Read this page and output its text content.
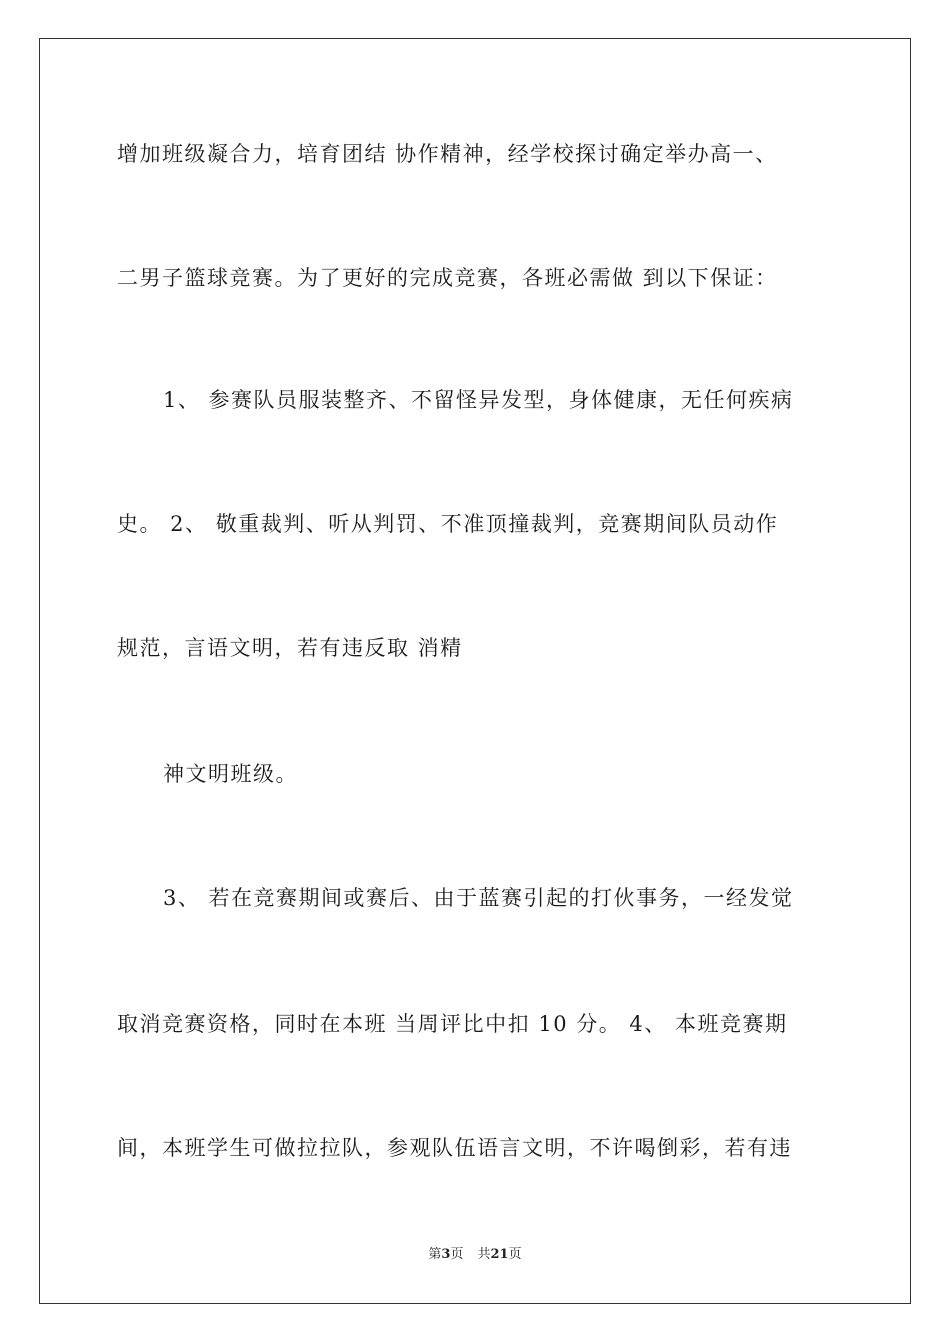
增加班级凝合力，培育团结 协作精神，经学校探讨确定举办高一、
二男子篮球竞赛。为了更好的完成竞赛，各班必需做 到以下保证：
1、 参赛队员服装整齐、不留怪异发型，身体健康，无任何疾病
史。 2、 敬重裁判、听从判罚、不准顶撞裁判，竞赛期间队员动作
规范，言语文明，若有违反取 消精
神文明班级。
3、 若在竞赛期间或赛后、由于蓝赛引起的打伙事务，一经发觉
取消竞赛资格，同时在本班 当周评比中扣 10 分。 4、 本班竞赛期
间，本班学生可做拉拉队，参观队伍语言文明，不许喝倒彩，若有违
第3页 共21页
